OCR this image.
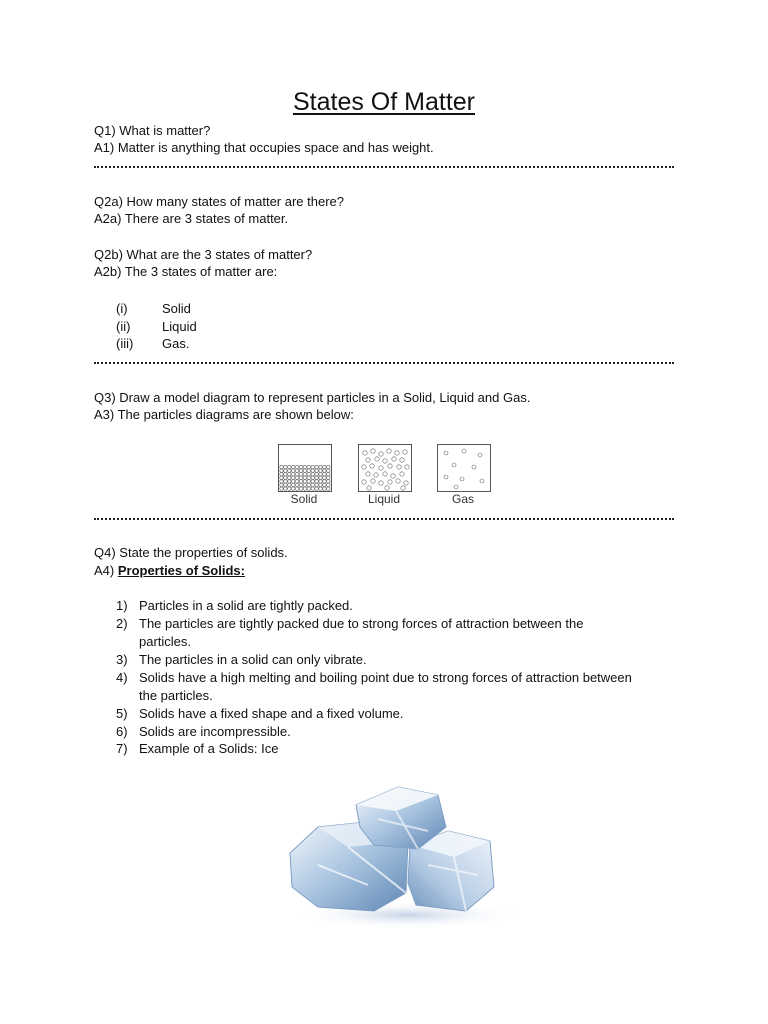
States Of Matter
Q1) What is matter?
A1) Matter is anything that occupies space and has weight.
Q2a) How many states of matter are there?
A2a) There are 3 states of matter.
Q2b) What are the 3 states of matter?
A2b) The 3 states of matter are:
(i)	Solid
(ii) Liquid
(iii) Gas.
Q3) Draw a model diagram to represent particles in a Solid, Liquid and Gas.
A3) The particles diagrams are shown below:
Solid	Liquid	Gas
Q4) State the properties of solids.
A4) Properties of Solids:
1) Particles in a solid are tightly packed.
2) The particles are tightly packed due to strong forces of attraction between the particles.
3) The particles in a solid can only vibrate.
4) Solids have a high melting and boiling point due to strong forces of attraction between the particles.
5) Solids have a fixed shape and a fixed volume.
6) Solids are incompressible.
7) Example of a Solids: Ice
